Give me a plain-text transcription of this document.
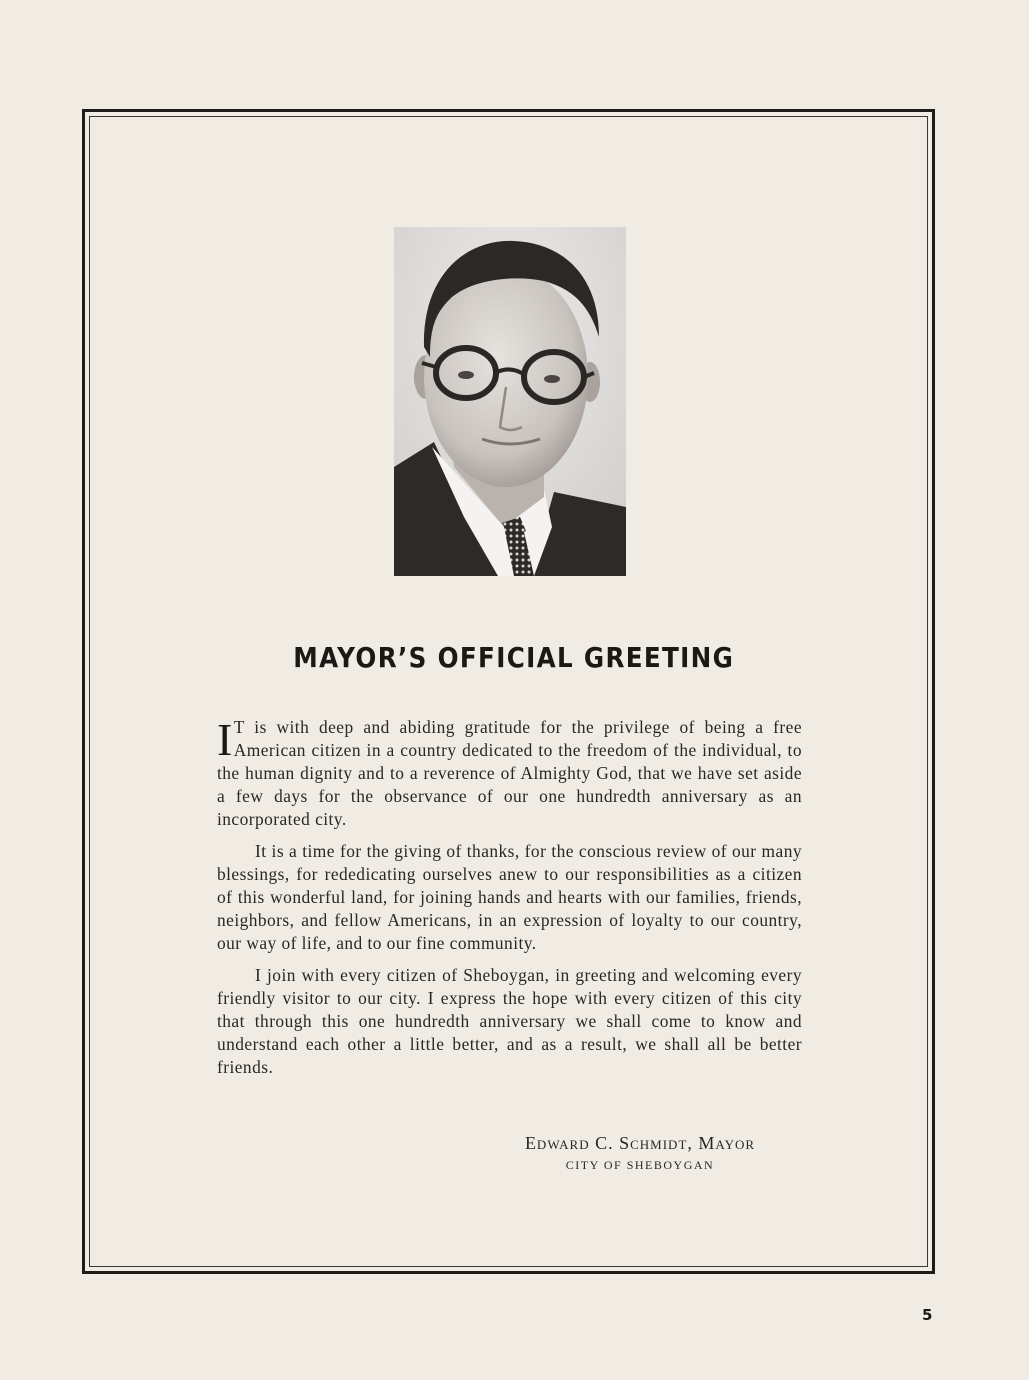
MAYOR’S OFFICIAL GREETING

I T is with deep and abiding gratitude for the privilege of being a free American citizen in a country dedicated to the freedom of the individual, to the human dignity and to a reverence of Almighty God, that we have set aside a few days for the observance of our one hundredth anniversary as an incorporated city.

It is a time for the giving of thanks, for the conscious review of our many blessings, for rededicating ourselves anew to our responsibilities as a citizen of this wonderful land, for joining hands and hearts with our families, friends, neighbors, and fellow Americans, in an expression of loyalty to our country, our way of life, and to our fine community.

I join with every citizen of Sheboygan, in greeting and welcoming every friendly visitor to our city. I express the hope with every citizen of this city that through this one hundredth anniversary we shall come to know and understand each other a little better, and as a result, we shall all be better friends.

Edward C. Schmidt, Mayor
CITY OF SHEBOYGAN
5
